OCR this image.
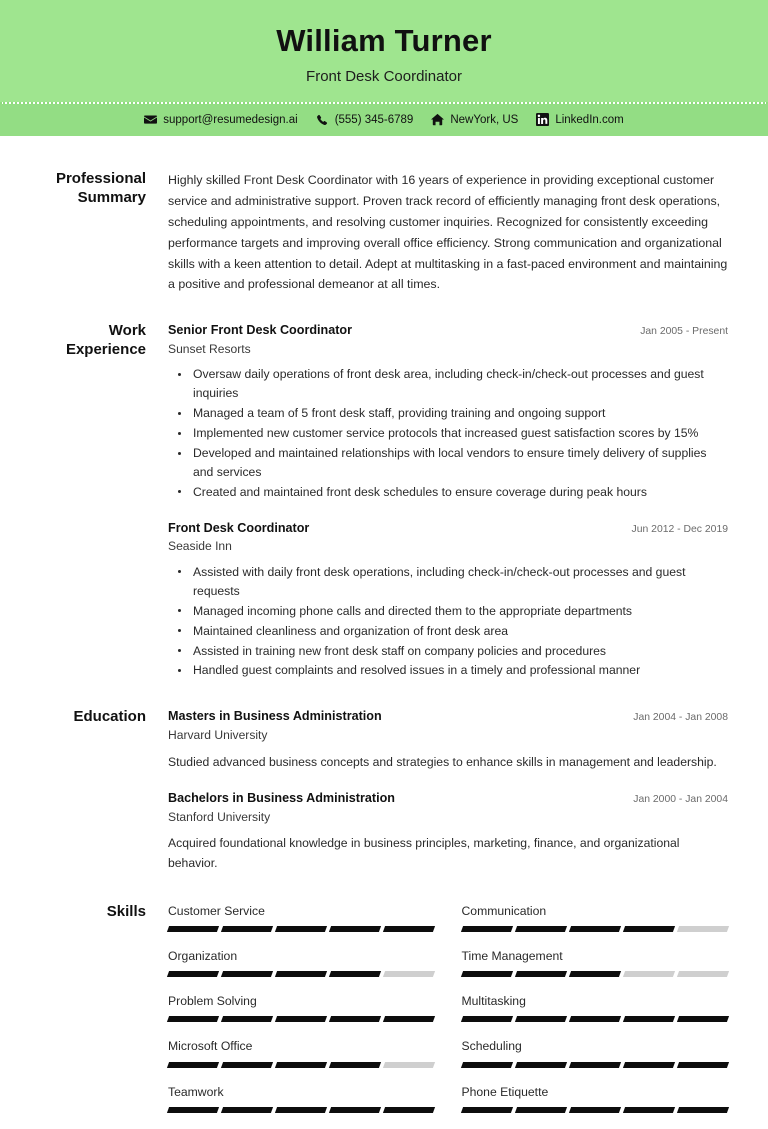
William Turner
Front Desk Coordinator
support@resumedesign.ai	(555) 345-6789	NewYork, US	LinkedIn.com
Professional Summary
Highly skilled Front Desk Coordinator with 16 years of experience in providing exceptional customer service and administrative support. Proven track record of efficiently managing front desk operations, scheduling appointments, and resolving customer inquiries. Recognized for consistently exceeding performance targets and improving overall office efficiency. Strong communication and organizational skills with a keen attention to detail. Adept at multitasking in a fast-paced environment and maintaining a positive and professional demeanor at all times.
Work Experience
Senior Front Desk Coordinator	Jan 2005 - Present
Sunset Resorts
Oversaw daily operations of front desk area, including check-in/check-out processes and guest inquiries
Managed a team of 5 front desk staff, providing training and ongoing support
Implemented new customer service protocols that increased guest satisfaction scores by 15%
Developed and maintained relationships with local vendors to ensure timely delivery of supplies and services
Created and maintained front desk schedules to ensure coverage during peak hours
Front Desk Coordinator	Jun 2012 - Dec 2019
Seaside Inn
Assisted with daily front desk operations, including check-in/check-out processes and guest requests
Managed incoming phone calls and directed them to the appropriate departments
Maintained cleanliness and organization of front desk area
Assisted in training new front desk staff on company policies and procedures
Handled guest complaints and resolved issues in a timely and professional manner
Education	Masters in Business Administration	Jan 2004 - Jan 2008
Harvard University
Studied advanced business concepts and strategies to enhance skills in management and leadership.
Bachelors in Business Administration	Jan 2000 - Jan 2004
Stanford University
Acquired foundational knowledge in business principles, marketing, finance, and organizational behavior.
Skills	Customer Service	Communication
Organization	Time Management
Problem Solving	Multitasking
Microsoft Office	Scheduling
Teamwork	Phone Etiquette
